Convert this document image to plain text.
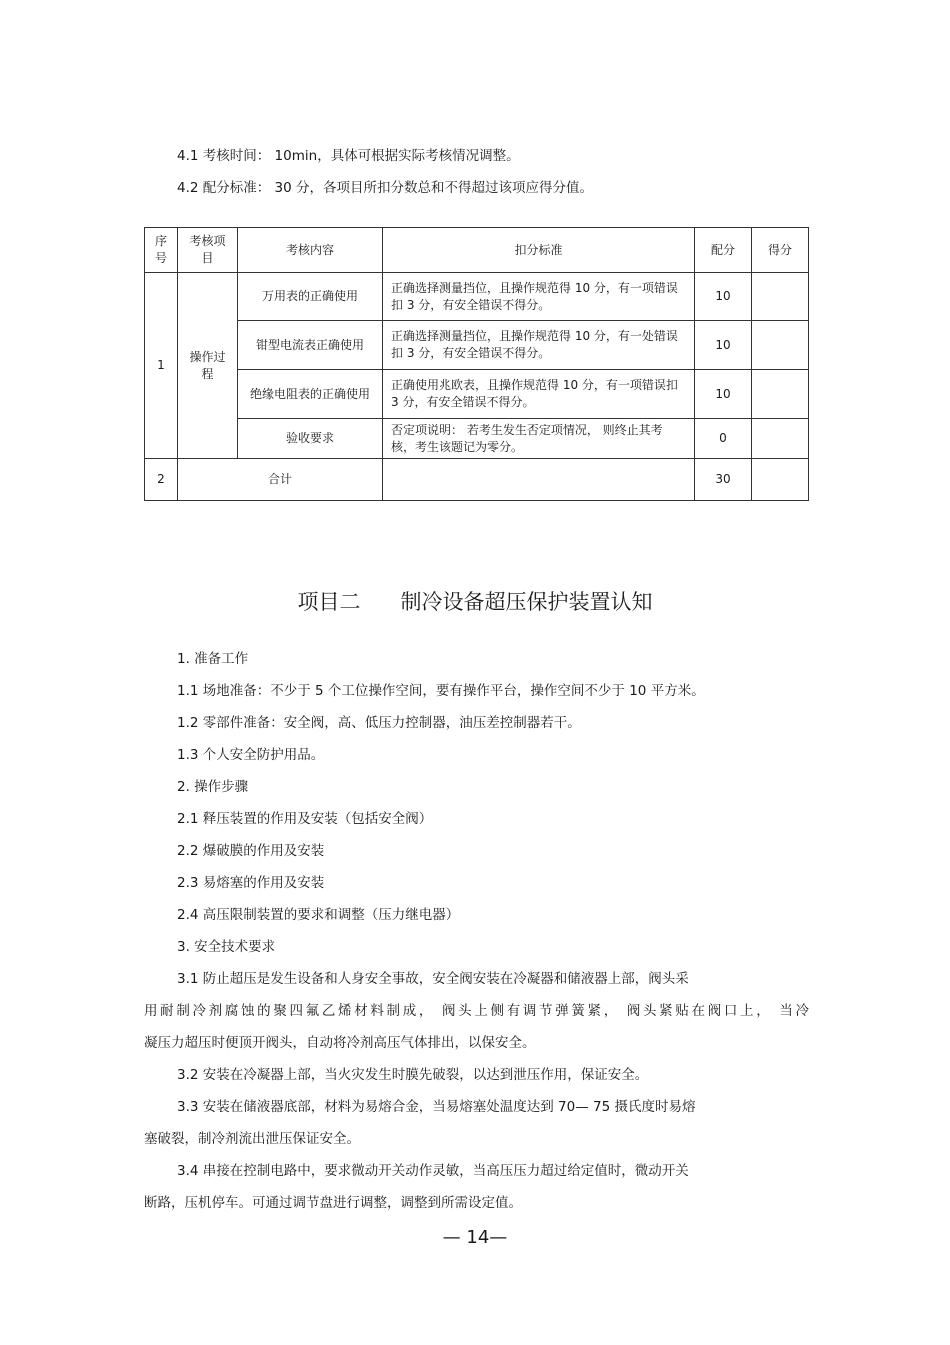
4.1 考核时间： 10min，具体可根据实际考核情况调整。
4.2 配分标准： 30 分，各项目所扣分数总和不得超过该项应得分值。
序号	考核项目	考核内容	扣分标准	配分	得分
1	操作过程	万用表的正确使用	正确选择测量挡位，且操作规范得 10 分，有一项错误扣 3 分，有安全错误不得分。	10	
		钳型电流表正确使用	正确选择测量挡位，且操作规范得 10 分，有一处错误扣 3 分，有安全错误不得分。	10	
		绝缘电阻表的正确使用	正确使用兆欧表，且操作规范得 10 分，有一项错误扣 3 分，有安全错误不得分。	10	
		验收要求	否定项说明： 若考生发生否定项情况， 则终止其考核，考生该题记为零分。	0	
2	合计			30	
项目二      制冷设备超压保护装置认知
1. 准备工作
1.1 场地准备：不少于 5 个工位操作空间，要有操作平台，操作空间不少于 10 平方米。
1.2 零部件准备：安全阀，高、低压力控制器，油压差控制器若干。
1.3 个人安全防护用品。
2. 操作步骤
2.1 释压装置的作用及安装（包括安全阀）
2.2 爆破膜的作用及安装
2.3 易熔塞的作用及安装
2.4 高压限制装置的要求和调整（压力继电器）
3. 安全技术要求
3.1 防止超压是发生设备和人身安全事故，安全阀安装在冷凝器和储液器上部，阀头采
用耐制冷剂腐蚀的聚四氟乙烯材料制成， 阀头上侧有调节弹簧紧， 阀头紧贴在阀口上， 当冷
凝压力超压时便顶开阀头，自动将冷剂高压气体排出，以保安全。
3.2 安装在冷凝器上部，当火灾发生时膜先破裂，以达到泄压作用，保证安全。
3.3 安装在储液器底部，材料为易熔合金，当易熔塞处温度达到 70— 75 摄氏度时易熔
塞破裂，制冷剂流出泄压保证安全。
3.4 串接在控制电路中，要求微动开关动作灵敏，当高压压力超过给定值时，微动开关
断路，压机停车。可通过调节盘进行调整，调整到所需设定值。
— 14—
